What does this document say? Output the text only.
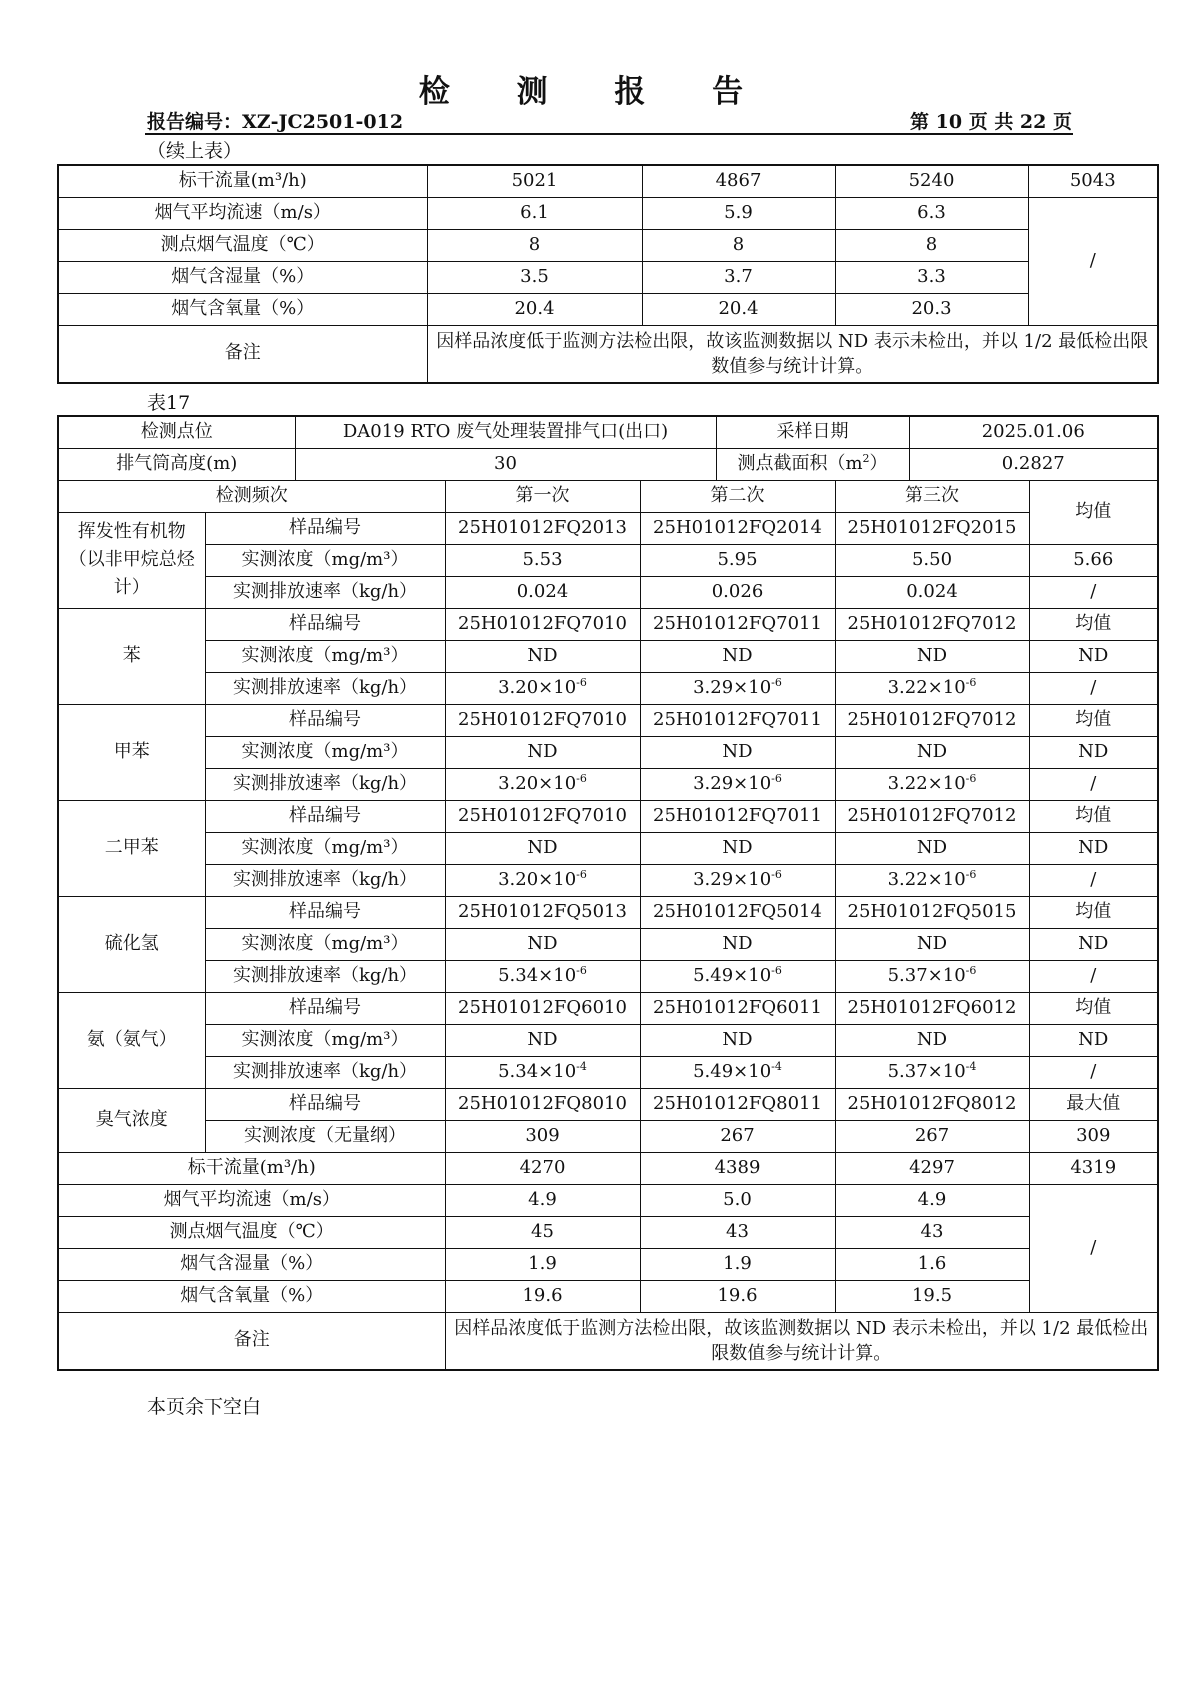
检 测 报 告
报告编号：XZ-JC2501-012	第 10 页 共 22 页
（续上表）
标干流量(m³/h)	5021	4867	5240	5043
烟气平均流速（m/s）	6.1	5.9	6.3	/
测点烟气温度（℃）	8	8	8	
烟气含湿量（%）	3.5	3.7	3.3	
烟气含氧量（%）	20.4	20.4	20.3	
备注	因样品浓度低于监测方法检出限，故该监测数据以 ND 表示未检出，并以 1/2 最低检出限数值参与统计计算。			
表17
检测点位		DA019 RTO 废气处理装置排气口(出口)			采样日期		2025.01.06	
排气筒高度(m)		30			测点截面积$(m^2)$		0.2827	
检测频次			第一次	第二次		第三次		均值
挥发性有机物（以非甲烷总烃计）	样品编号		25H01012FQ2013	25H01012FQ2014		25H01012FQ2015		
	实测浓度（mg/m³）		5.53	5.95		5.50		5.66
	实测排放速率（kg/h）		0.024	0.026		0.024		/
苯	样品编号		25H01012FQ7010	25H01012FQ7011		25H01012FQ7012		均值
	实测浓度（mg/m³）		ND	ND		ND		ND
	实测排放速率（kg/h）		$3.20\times 10^{-6}$	$3.29\times 10^{-6}$		$3.22\times 10^{-6}$		/
甲苯	样品编号		25H01012FQ7010	25H01012FQ7011		25H01012FQ7012		均值
	实测浓度（mg/m³）		ND	ND		ND		ND
	实测排放速率（kg/h）		$3.20\times 10^{-6}$	$3.29\times 10^{-6}$		$3.22\times 10^{-6}$		/
二甲苯	样品编号		25H01012FQ7010	25H01012FQ7011		25H01012FQ7012		均值
	实测浓度（mg/m³）		ND	ND		ND		ND
	实测排放速率（kg/h）		$3.20\times 10^{-6}$	$3.29\times 10^{-6}$		$3.22\times 10^{-6}$		/
硫化氢	样品编号		25H01012FQ5013	25H01012FQ5014		25H01012FQ5015		均值
	实测浓度（mg/m³）		ND	ND		ND		ND
	实测排放速率（kg/h）		$5.34\times 10^{-6}$	$5.49\times 10^{-6}$		$5.37\times 10^{-6}$		/
氨（氨气）	样品编号		25H01012FQ6010	25H01012FQ6011		25H01012FQ6012		均值
	实测浓度（mg/m³）		ND	ND		ND		ND
	实测排放速率（kg/h）		$5.34\times 10^{-4}$	$5.49\times 10^{-4}$		$5.37\times 10^{-4}$		/
臭气浓度	样品编号		25H01012FQ8010	25H01012FQ8011		25H01012FQ8012		最大值
	实测浓度（无量纲）		309	267		267		309
标干流量(m³/h)			4270	4389		4297		4319
烟气平均流速（m/s）			4.9	5.0		4.9		/
测点烟气温度（℃）			45	43		43		
烟气含湿量（%）			1.9	1.9		1.6		
烟气含氧量（%）			19.6	19.6		19.5		
备注			因样品浓度低于监测方法检出限，故该监测数据以 ND 表示未检出，并以 1/2 最低检出限数值参与统计计算。					
本页余下空白
